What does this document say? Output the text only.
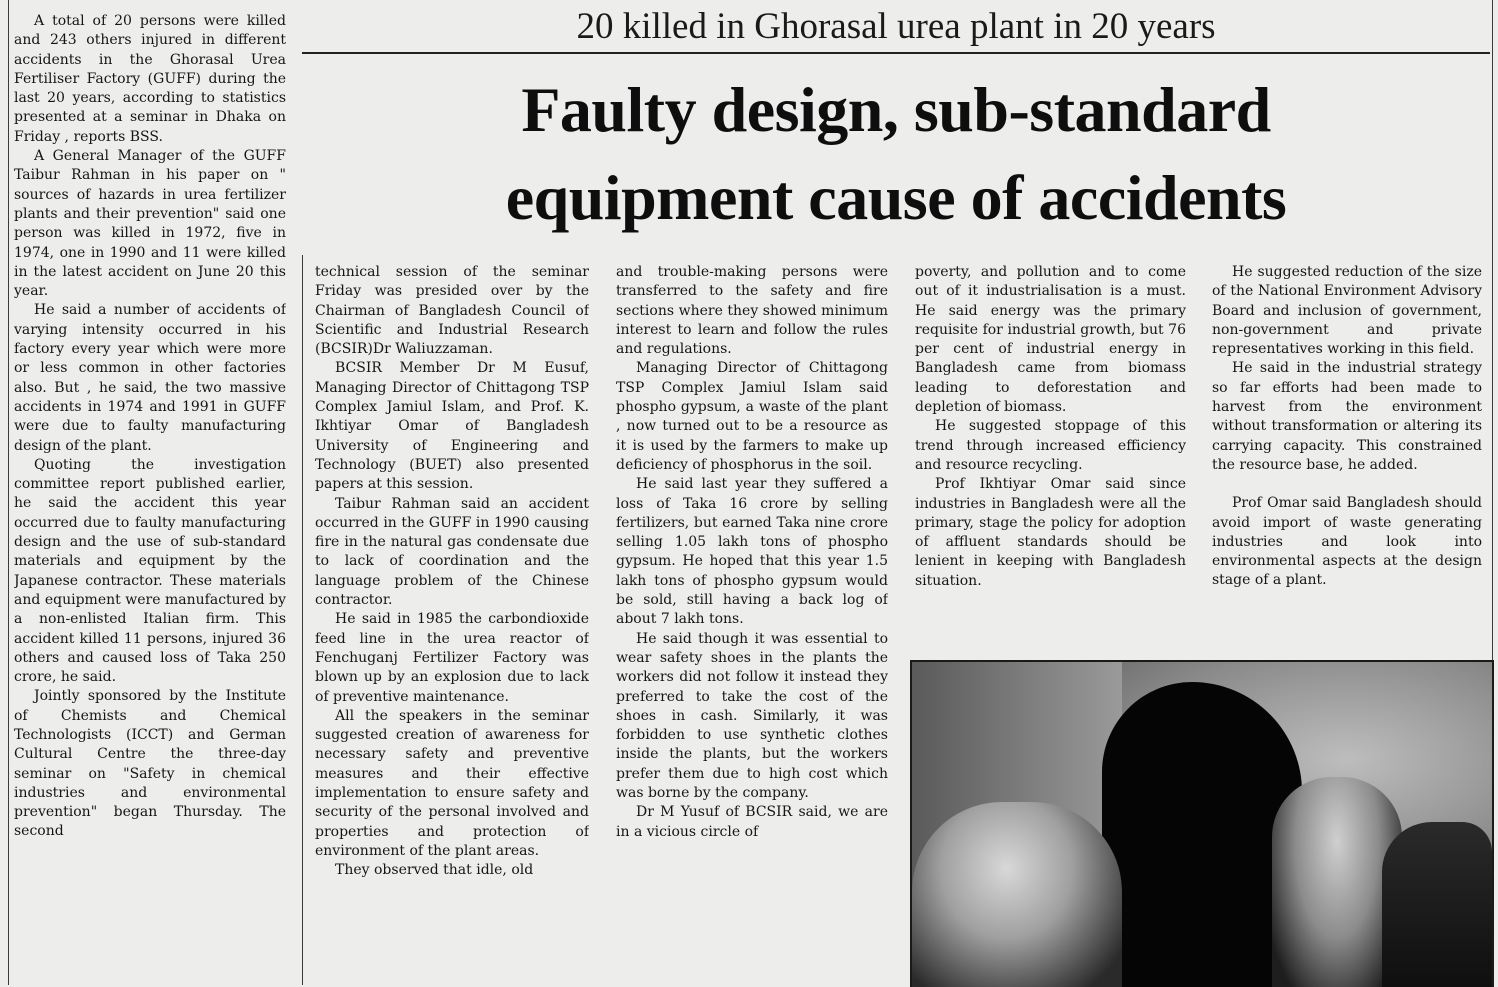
20 killed in Ghorasal urea plant in 20 years
Faulty design, sub-standard
equipment cause of accidents

A total of 20 persons were killed and 243 others injured in different accidents in the Ghorasal Urea Fertiliser Factory (GUFF) during the last 20 years, according to statistics presented at a seminar in Dhaka on Friday , reports BSS.

A General Manager of the GUFF Taibur Rahman in his paper on " sources of hazards in urea fertilizer plants and their prevention" said one person was killed in 1972, five in 1974, one in 1990 and 11 were killed in the latest accident on June 20 this year.

He said a number of accidents of varying intensity occurred in his factory every year which were more or less common in other factories also. But , he said, the two massive accidents in 1974 and 1991 in GUFF were due to faulty manufacturing design of the plant.

Quoting the investigation committee report published earlier, he said the accident this year occurred due to faulty manufacturing design and the use of sub-standard materials and equipment by the Japanese contractor. These materials and equipment were manufactured by a non-enlisted Italian firm. This accident killed 11 persons, injured 36 others and caused loss of Taka 250 crore, he said.

Jointly sponsored by the Institute of Chemists and Chemical Technologists (ICCT) and German Cultural Centre the three-day seminar on "Safety in chemical industries and environmental prevention" began Thursday. The second

technical session of the seminar Friday was presided over by the Chairman of Bangladesh Council of Scientific and Industrial Research (BCSIR)Dr Waliuzzaman.

BCSIR Member Dr M Eusuf, Managing Director of Chittagong TSP Complex Jamiul Islam, and Prof. K. Ikhtiyar Omar of Bangladesh University of Engineering and Technology (BUET) also presented papers at this session.

Taibur Rahman said an accident occurred in the GUFF in 1990 causing fire in the natural gas condensate due to lack of coordination and the language problem of the Chinese contractor.

He said in 1985 the carbondioxide feed line in the urea reactor of Fenchuganj Fertilizer Factory was blown up by an explosion due to lack of preventive maintenance.

All the speakers in the seminar suggested creation of awareness for necessary safety and preventive measures and their effective implementation to ensure safety and security of the personal involved and properties and protection of environment of the plant areas.

They observed that idle, old

and trouble-making persons were transferred to the safety and fire sections where they showed minimum interest to learn and follow the rules and regulations.

Managing Director of Chittagong TSP Complex Jamiul Islam said phospho gypsum, a waste of the plant , now turned out to be a resource as it is used by the farmers to make up deficiency of phosphorus in the soil.

He said last year they suffered a loss of Taka 16 crore by selling fertilizers, but earned Taka nine crore selling 1.05 lakh tons of phospho gypsum. He hoped that this year 1.5 lakh tons of phospho gypsum would be sold, still having a back log of about 7 lakh tons.

He said though it was essential to wear safety shoes in the plants the workers did not follow it instead they preferred to take the cost of the shoes in cash. Similarly, it was forbidden to use synthetic clothes inside the plants, but the workers prefer them due to high cost which was borne by the company.

Dr M Yusuf of BCSIR said, we are in a vicious circle of

poverty, and pollution and to come out of it industrialisation is a must. He said energy was the primary requisite for industrial growth, but 76 per cent of industrial energy in Bangladesh came from biomass leading to deforestation and depletion of biomass.

He suggested stoppage of this trend through increased efficiency and resource recycling.

Prof Ikhtiyar Omar said since industries in Bangladesh were all the primary, stage the policy for adoption of affluent standards should be lenient in keeping with Bangladesh situation.

He suggested reduction of the size of the National Environment Advisory Board and inclusion of government, non-government and private representatives working in this field.

He said in the industrial strategy so far efforts had been made to harvest from the environment without transformation or altering its carrying capacity. This constrained the resource base, he added.

Prof Omar said Bangladesh should avoid import of waste generating industries and look into environmental aspects at the design stage of a plant.
